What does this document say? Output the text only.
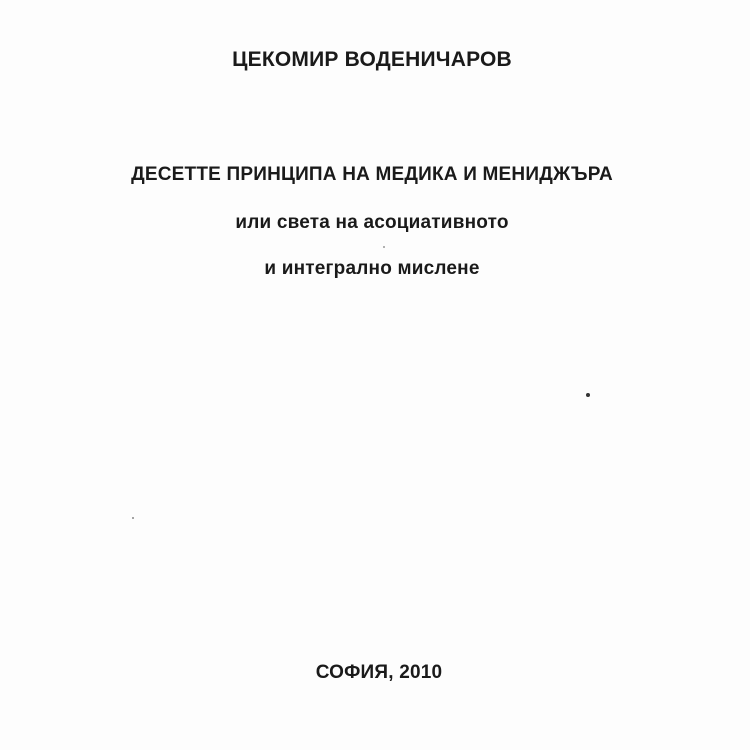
ЦЕКОМИР ВОДЕНИЧАРОВ
ДЕСЕТТЕ ПРИНЦИПА НА МЕДИКА И МЕНИДЖЪРА
или света на асоциативното
и интегрално мислене
СОФИЯ, 2010
